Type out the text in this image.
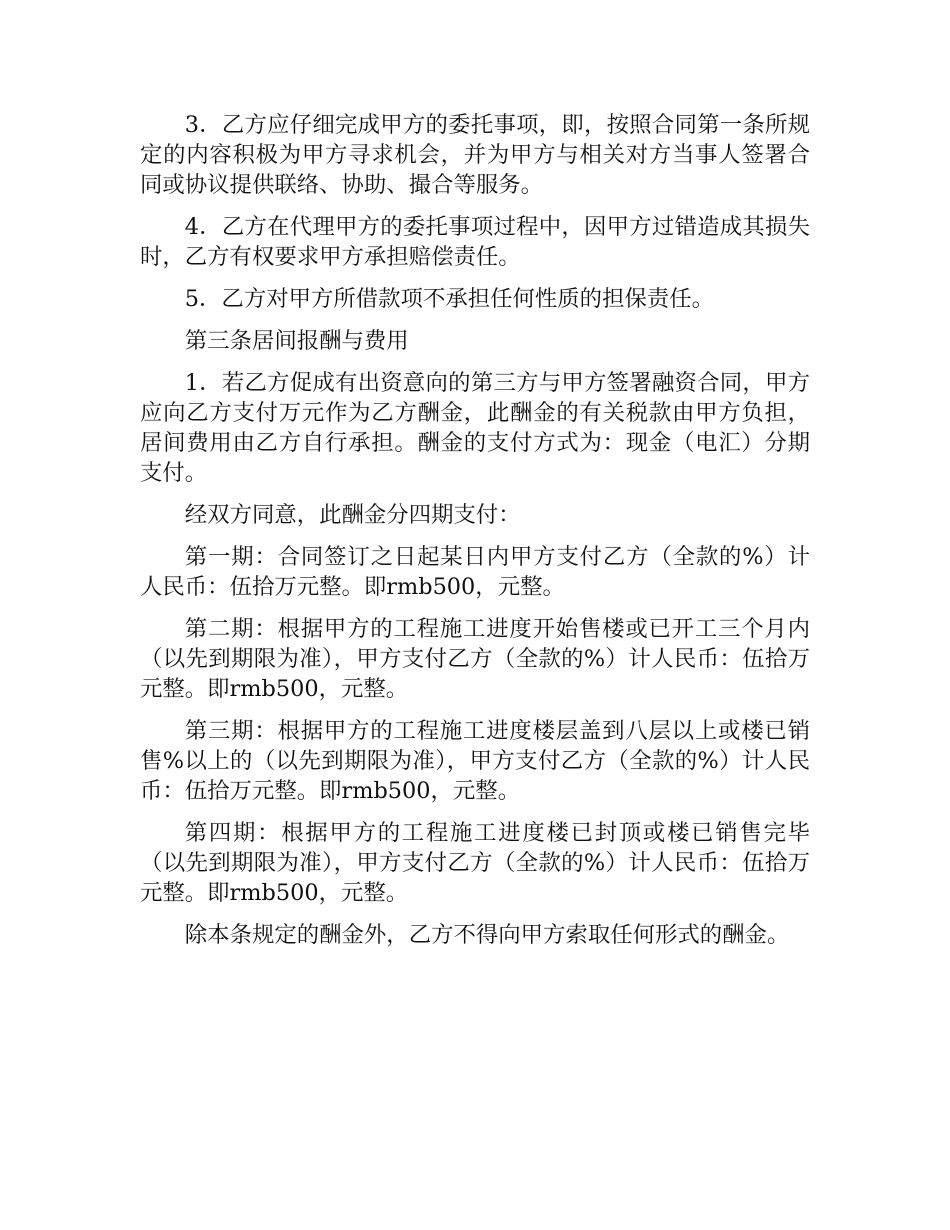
3．乙方应仔细完成甲方的委托事项，即，按照合同第一条所规定的内容积极为甲方寻求机会，并为甲方与相关对方当事人签署合同或协议提供联络、协助、撮合等服务。

4．乙方在代理甲方的委托事项过程中，因甲方过错造成其损失时，乙方有权要求甲方承担赔偿责任。

5．乙方对甲方所借款项不承担任何性质的担保责任。

第三条居间报酬与费用

1．若乙方促成有出资意向的第三方与甲方签署融资合同，甲方应向乙方支付万元作为乙方酬金，此酬金的有关税款由甲方负担，居间费用由乙方自行承担。酬金的支付方式为：现金（电汇）分期支付。

经双方同意，此酬金分四期支付：

第一期：合同签订之日起某日内甲方支付乙方（全款的%）计人民币：伍拾万元整。即rmb500，元整。

第二期：根据甲方的工程施工进度开始售楼或已开工三个月内（以先到期限为准），甲方支付乙方（全款的%）计人民币：伍拾万元整。即rmb500，元整。

第三期：根据甲方的工程施工进度楼层盖到八层以上或楼已销售%以上的（以先到期限为准），甲方支付乙方（全款的%）计人民币：伍拾万元整。即rmb500，元整。

第四期：根据甲方的工程施工进度楼已封顶或楼已销售完毕（以先到期限为准），甲方支付乙方（全款的%）计人民币：伍拾万元整。即rmb500，元整。

除本条规定的酬金外，乙方不得向甲方索取任何形式的酬金。
